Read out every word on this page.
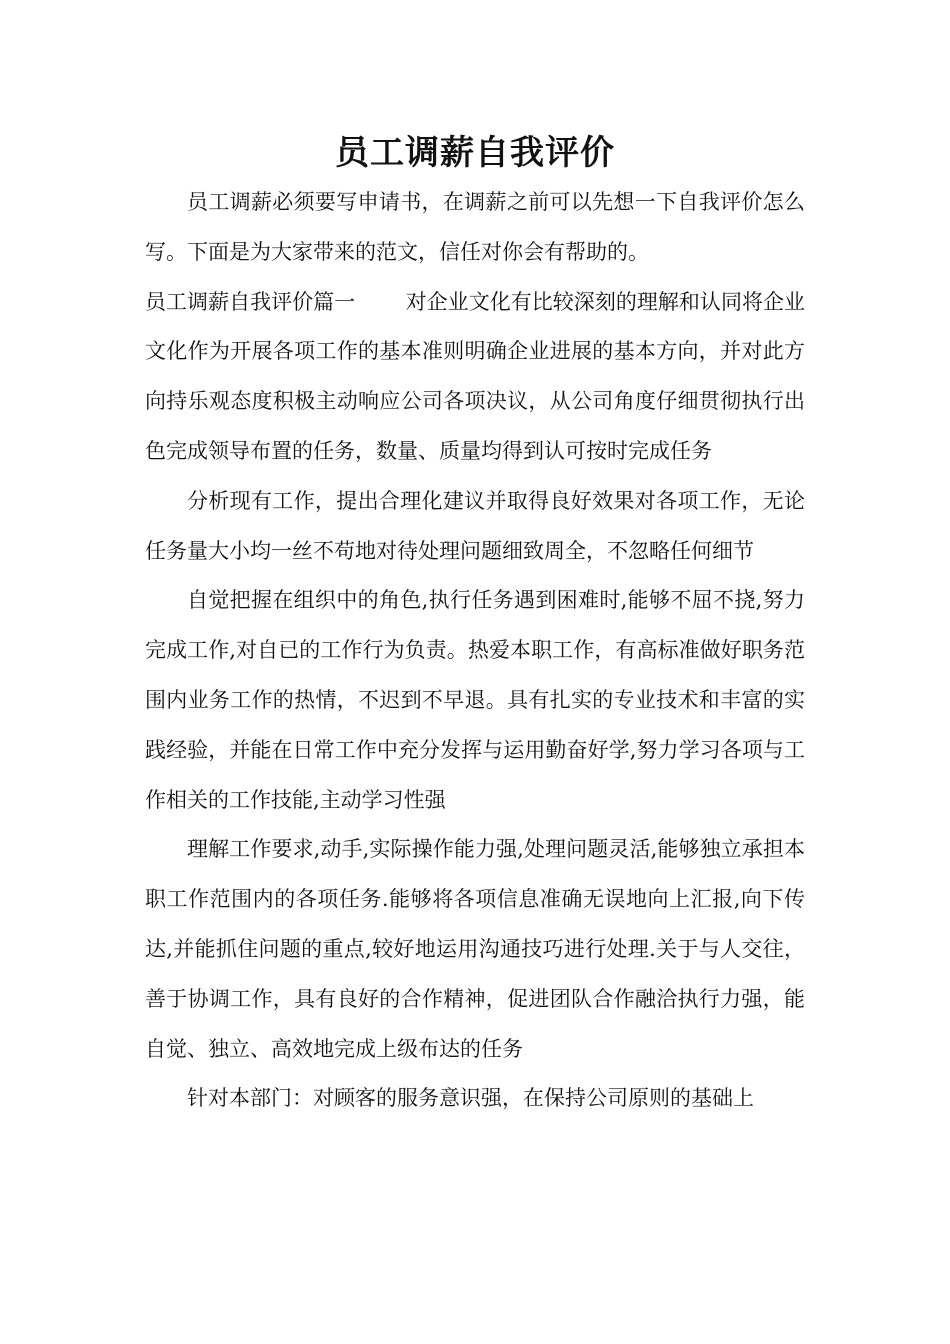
员工调薪自我评价

员工调薪必须要写申请书，在调薪之前可以先想一下自我评价怎么写。下面是为大家带来的范文，信任对你会有帮助的。

员工调薪自我评价篇一 对企业文化有比较深刻的理解和认同将企业文化作为开展各项工作的基本准则明确企业进展的基本方向，并对此方向持乐观态度积极主动响应公司各项决议，从公司角度仔细贯彻执行出色完成领导布置的任务，数量、质量均得到认可按时完成任务

分析现有工作，提出合理化建议并取得良好效果对各项工作，无论任务量大小均一丝不苟地对待处理问题细致周全，不忽略任何细节

自觉把握在组织中的角色,执行任务遇到困难时,能够不屈不挠,努力完成工作,对自已的工作行为负责。热爱本职工作，有高标准做好职务范围内业务工作的热情，不迟到不早退。具有扎实的专业技术和丰富的实践经验，并能在日常工作中充分发挥与运用勤奋好学,努力学习各项与工作相关的工作技能,主动学习性强

理解工作要求,动手,实际操作能力强,处理问题灵活,能够独立承担本职工作范围内的各项任务.能够将各项信息准确无误地向上汇报,向下传达,并能抓住问题的重点,较好地运用沟通技巧进行处理.关于与人交往，善于协调工作，具有良好的合作精神，促进团队合作融洽执行力强，能自觉、独立、高效地完成上级布达的任务

针对本部门：对顾客的服务意识强，在保持公司原则的基础上
